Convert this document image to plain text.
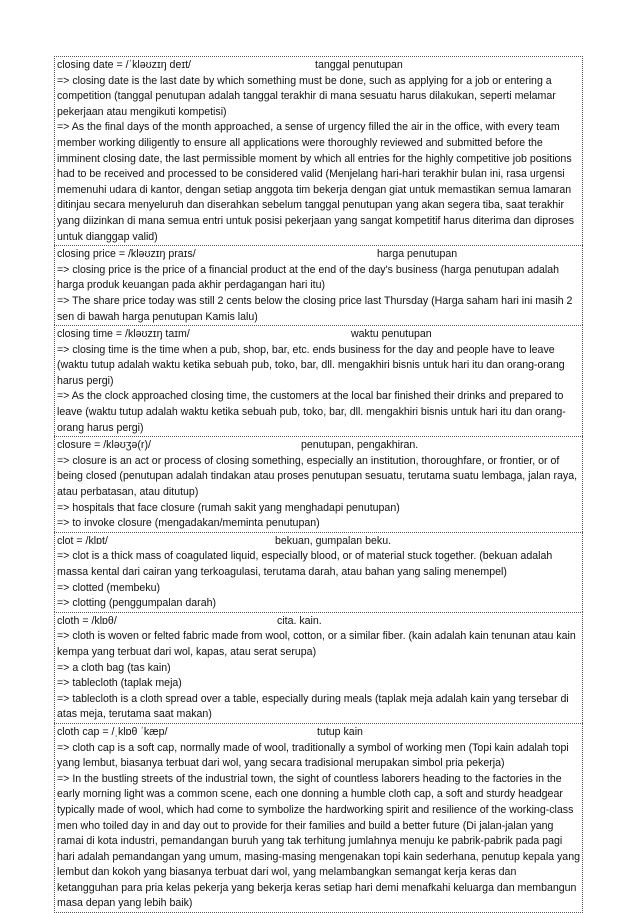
closing date = /ˈkləʊzɪŋ deɪt/	tanggal penutupan

=> closing date is the last date by which something must be done, such as applying for a job or entering a competition (tanggal penutupan adalah tanggal terakhir di mana sesuatu harus dilakukan, seperti melamar pekerjaan atau mengikuti kompetisi)

=> As the final days of the month approached, a sense of urgency filled the air in the office, with every team member working diligently to ensure all applications were thoroughly reviewed and submitted before the imminent closing date, the last permissible moment by which all entries for the highly competitive job positions had to be received and processed to be considered valid (Menjelang hari-hari terakhir bulan ini, rasa urgensi memenuhi udara di kantor, dengan setiap anggota tim bekerja dengan giat untuk memastikan semua lamaran ditinjau secara menyeluruh dan diserahkan sebelum tanggal penutupan yang akan segera tiba, saat terakhir yang diizinkan di mana semua entri untuk posisi pekerjaan yang sangat kompetitif harus diterima dan diproses untuk dianggap valid)

closing price = /kləʊzɪŋ praɪs/	harga penutupan

=> closing price is the price of a financial product at the end of the day's business (harga penutupan adalah harga produk keuangan pada akhir perdagangan hari itu)

=> The share price today was still 2 cents below the closing price last Thursday (Harga saham hari ini masih 2 sen di bawah harga penutupan Kamis lalu)

closing time = /kləʊzɪŋ taɪm/	waktu penutupan

=> closing time is the time when a pub, shop, bar, etc. ends business for the day and people have to leave (waktu tutup adalah waktu ketika sebuah pub, toko, bar, dll. mengakhiri bisnis untuk hari itu dan orang-orang harus pergi)

=> As the clock approached closing time, the customers at the local bar finished their drinks and prepared to leave (waktu tutup adalah waktu ketika sebuah pub, toko, bar, dll. mengakhiri bisnis untuk hari itu dan orang-orang harus pergi)

closure = /kləʊʒə(r)/	penutupan, pengakhiran.

=> closure is an act or process of closing something, especially an institution, thoroughfare, or frontier, or of being closed (penutupan adalah tindakan atau proses penutupan sesuatu, terutama suatu lembaga, jalan raya, atau perbatasan, atau ditutup)

=> hospitals that face closure (rumah sakit yang menghadapi penutupan)

=> to invoke closure (mengadakan/meminta penutupan)

clot = /klɒt/	bekuan, gumpalan beku.

=> clot is a thick mass of coagulated liquid, especially blood, or of material stuck together. (bekuan adalah massa kental dari cairan yang terkoagulasi, terutama darah, atau bahan yang saling menempel)

=> clotted (membeku)

=> clotting (penggumpalan darah)

cloth = /klɒθ/	cita. kain.

=> cloth is woven or felted fabric made from wool, cotton, or a similar fiber. (kain adalah kain tenunan atau kain kempa yang terbuat dari wol, kapas, atau serat serupa)

=> a cloth bag (tas kain)

=> tablecloth (taplak meja)

=> tablecloth is a cloth spread over a table, especially during meals (taplak meja adalah kain yang tersebar di atas meja, terutama saat makan)

cloth cap = /ˌklɒθ ˈkæp/	tutup kain

=> cloth cap is a soft cap, normally made of wool, traditionally a symbol of working men (Topi kain adalah topi yang lembut, biasanya terbuat dari wol, yang secara tradisional merupakan simbol pria pekerja)

=> In the bustling streets of the industrial town, the sight of countless laborers heading to the factories in the early morning light was a common scene, each one donning a humble cloth cap, a soft and sturdy headgear typically made of wool, which had come to symbolize the hardworking spirit and resilience of the working-class men who toiled day in and day out to provide for their families and build a better future (Di jalan-jalan yang ramai di kota industri, pemandangan buruh yang tak terhitung jumlahnya menuju ke pabrik-pabrik pada pagi hari adalah pemandangan yang umum, masing-masing mengenakan topi kain sederhana, penutup kepala yang lembut dan kokoh yang biasanya terbuat dari wol, yang melambangkan semangat kerja keras dan ketangguhan para pria kelas pekerja yang bekerja keras setiap hari demi menafkahi keluarga dan membangun masa depan yang lebih baik)
